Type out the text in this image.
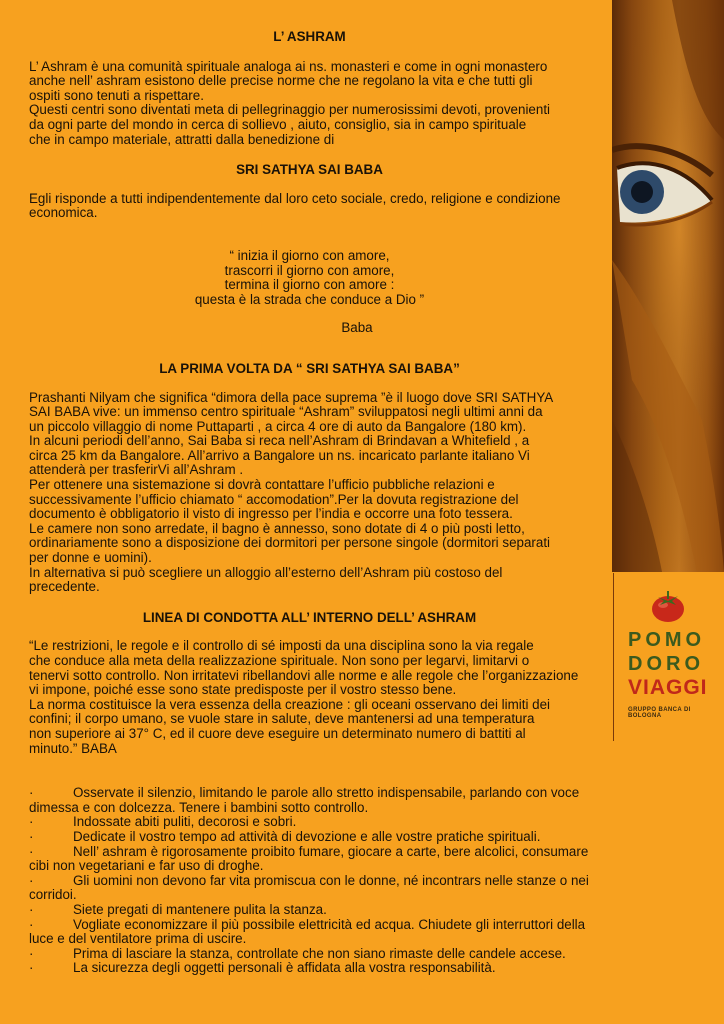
L’ ASHRAM
L’ Ashram è una comunità spirituale analoga ai ns. monasteri e come in ogni monastero
anche nell’ ashram esistono delle precise norme che ne regolano la vita e che tutti gli
ospiti sono tenuti a rispettare.
Questi centri sono diventati meta di pellegrinaggio per numerosissimi devoti, provenienti
da ogni parte del mondo in cerca di sollievo , aiuto, consiglio, sia in campo spirituale
che in campo materiale, attratti dalla benedizione di
SRI SATHYA SAI BABA
Egli risponde a tutti indipendentemente dal loro ceto sociale, credo, religione e condizione
economica.
“ inizia il giorno con amore,
trascorri il giorno con amore,
termina il giorno con amore :
questa è la strada che conduce a Dio ”
Baba
LA PRIMA VOLTA DA “ SRI SATHYA SAI BABA”
Prashanti Nilyam che significa “dimora della pace suprema ”è il luogo dove SRI SATHYA
SAI BABA vive: un immenso centro spirituale “Ashram” sviluppatosi negli ultimi anni da
un piccolo villaggio di nome Puttaparti , a circa 4 ore di auto da Bangalore (180 km).
In alcuni periodi dell’anno, Sai Baba si reca nell’Ashram di Brindavan a Whitefield , a
circa 25 km da Bangalore. All’arrivo a Bangalore un ns. incaricato parlante italiano Vi
attenderà per trasferirVi all’Ashram .
Per ottenere una sistemazione si dovrà contattare l’ufficio pubbliche relazioni e
successivamente l’ufficio chiamato “ accomodation”.Per la dovuta registrazione del
documento è obbligatorio il visto di ingresso per l’india e occorre una foto tessera.
Le camere non sono arredate, il bagno è annesso, sono dotate di 4 o più posti letto,
ordinariamente sono a disposizione dei dormitori per persone singole (dormitori separati
per donne e uomini).
In alternativa si può scegliere un alloggio all’esterno dell’Ashram più costoso del
precedente.
LINEA DI CONDOTTA ALL’ INTERNO DELL’ ASHRAM
“Le restrizioni, le regole e il controllo di sé imposti da una disciplina sono la via regale
che conduce alla meta della realizzazione spirituale. Non sono per legarvi, limitarvi o
tenervi sotto controllo. Non irritatevi ribellandovi alle norme e alle regole che l’organizzazione
vi impone, poiché esse sono state predisposte per il vostro stesso bene.
La norma costituisce la vera essenza della creazione : gli oceani osservano dei limiti dei
confini; il corpo umano, se vuole stare in salute, deve mantenersi ad una temperatura
non superiore ai 37° C, ed il cuore deve eseguire un determinato numero di battiti al
minuto.” BABA
·	Osservate il silenzio, limitando le parole allo stretto indispensabile, parlando con voce dimessa e con dolcezza. Tenere i bambini sotto controllo.
·	Indossate abiti puliti, decorosi e sobri.
·	Dedicate il vostro tempo ad attività di devozione e alle vostre pratiche spirituali.
·	Nell’ ashram è rigorosamente proibito fumare, giocare a carte, bere alcolici, consumare cibi non vegetariani e far uso di droghe.
·	Gli uomini non devono far vita promiscua con le donne, né incontrars nelle stanze o nei corridoi.
·	Siete pregati di mantenere pulita la stanza.
·	Vogliate economizzare il più possibile elettricità ed acqua. Chiudete gli interruttori della luce e del ventilatore prima di uscire.
·	Prima di lasciare la stanza, controllate che non siano rimaste delle candele accese.
·	La sicurezza degli oggetti personali è affidata alla vostra responsabilità.
POMO
DORO
VIAGGI
GRUPPO BANCA DI BOLOGNA
